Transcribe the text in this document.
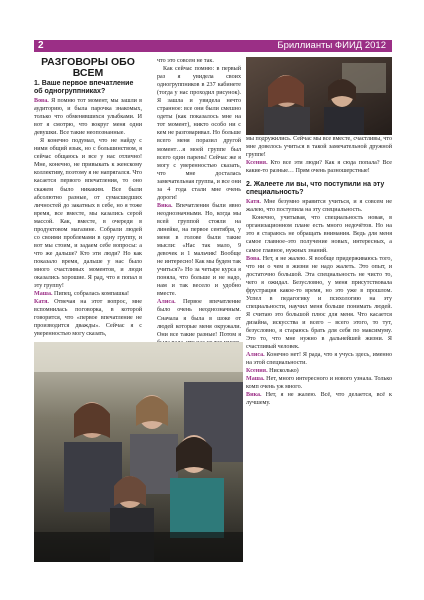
2	Бриллианты ФИИД 2012
РАЗГОВОРЫ ОБО
ВСЕМ
1. Ваше первое впечатление об одногруппниках?

Вова. Я помню тот момент, мы зашли в аудиторию, и была парочка знакомых, только что обменявшихся улыбками. И вот я смотрю, что вокруг меня одни девушки. Все такие неопознанные.

Я конечно подумал, что не найду с ними общий язык, но с большинством, я сейчас общаюсь и все у нас отлично! Мне, конечно, не привыкать к женскому коллективу, поэтому я не напрягался. Что касается первого впечатления, то оно скажем было никаким. Все были абсолютно разные, от сумасшедших личностей до закатных в себе, но я тоже время, все вместе, мы казались серой массой. Как, вместе, в очереди в продуктовом магазине. Собрали людей со своими проблемами в одну группу, и вот мы стоим, и задаем себе вопросы: а что же дальше? Кто эти люди? Но как показало время, дальше у нас было много счастливых моментов, и люди оказались хорошие. Я рад, что я попал в эту группу!

Маша. Пипец, собралась компашка!

Катя. Отвечая на этот вопрос, мне вспомнилась поговорка, в которой говорится, что «первое впечатление не производится дважды». Сейчас я с уверенностью могу сказать,

что это совсем не так.

Как сейчас помню: в первый раз я увидела своих одногруппников в 237 кабинете (тогда у нас проходил рисунок). Я зашла и увидела нечто странное: все они были смешно одеты (как показалось мне на тот момент), никто особо ни с кем не разговаривал. Но больше всего меня поразил другой момент…я моей группе был всего один парень! Сейчас же я могу с уверенностью сказать, что мне досталась замечательная группа, и все они за 4 года стали мне очень дороги!

Вика. Впечатления были явно неоднозначными. Но, когда мы всей группой стояли на линейке, на первое сентября, у меня в голове были такие мысли: «Нас так мало, 9 девочек и 1 мальчик! Вообще не интересно! Как мы будем так учиться?» Но за четыре курса я поняла, что больше и не надо, нам и так весело и удобно вместе.

Алиса. Первое впечатление было очень неоднозначным. Сначала я была в шоке от людей которые меня окружали. Они все такие разные! Потом я

мы подружились. Сейчас мы все вместе, счастливы, что мне довелось учиться в такой замечательной дружной группе!

Ксения. Кто все эти люди? Как я сюда попала? Все какие-то разные… Прям очень разношерстные!

2. Жалеете ли вы, что поступили на эту специальность?

Катя. Мне безумно нравится учиться, и я совсем не жалею, что поступила на эту специальность.

Конечно, учитывая, что специальность новая, в организационном плане есть много недочётов. Но на это я стараюсь не обращать внимания. Ведь для меня самое главное–это получение новых, интересных, а самое главное, нужных знаний.

Вова. Нет, я не жалею. Я вообще придерживаюсь того, что ни о чем в жизни не надо жалеть. Это опыт, и достаточно большой. Эта специальность не чисто то, чего я ожидал. Безусловно, у меня присутствовала фрустрация какое-то время, но это уже в прошлом. Успел в педагогику и психологию на эту специальности, научил меня больше понимать людей. Я считаю это большой плюс для меня. Что касается дизайна, искусства и всего – всего этого, то тут, безусловно, я стараюсь брать для себя по максимуму. Это то, что мне нужно в дальнейшей жизни. Я счастливый человек.

Алиса. Конечно нет! Я рада, что я учусь здесь, именно на этой специальности.

Ксения. Нисколько)

Маша. Нет, много интересного и нового узнала. Только комп очень уж много.

Вика. Нет, я не жалею. Всё, что делается, всё к лучшему.
